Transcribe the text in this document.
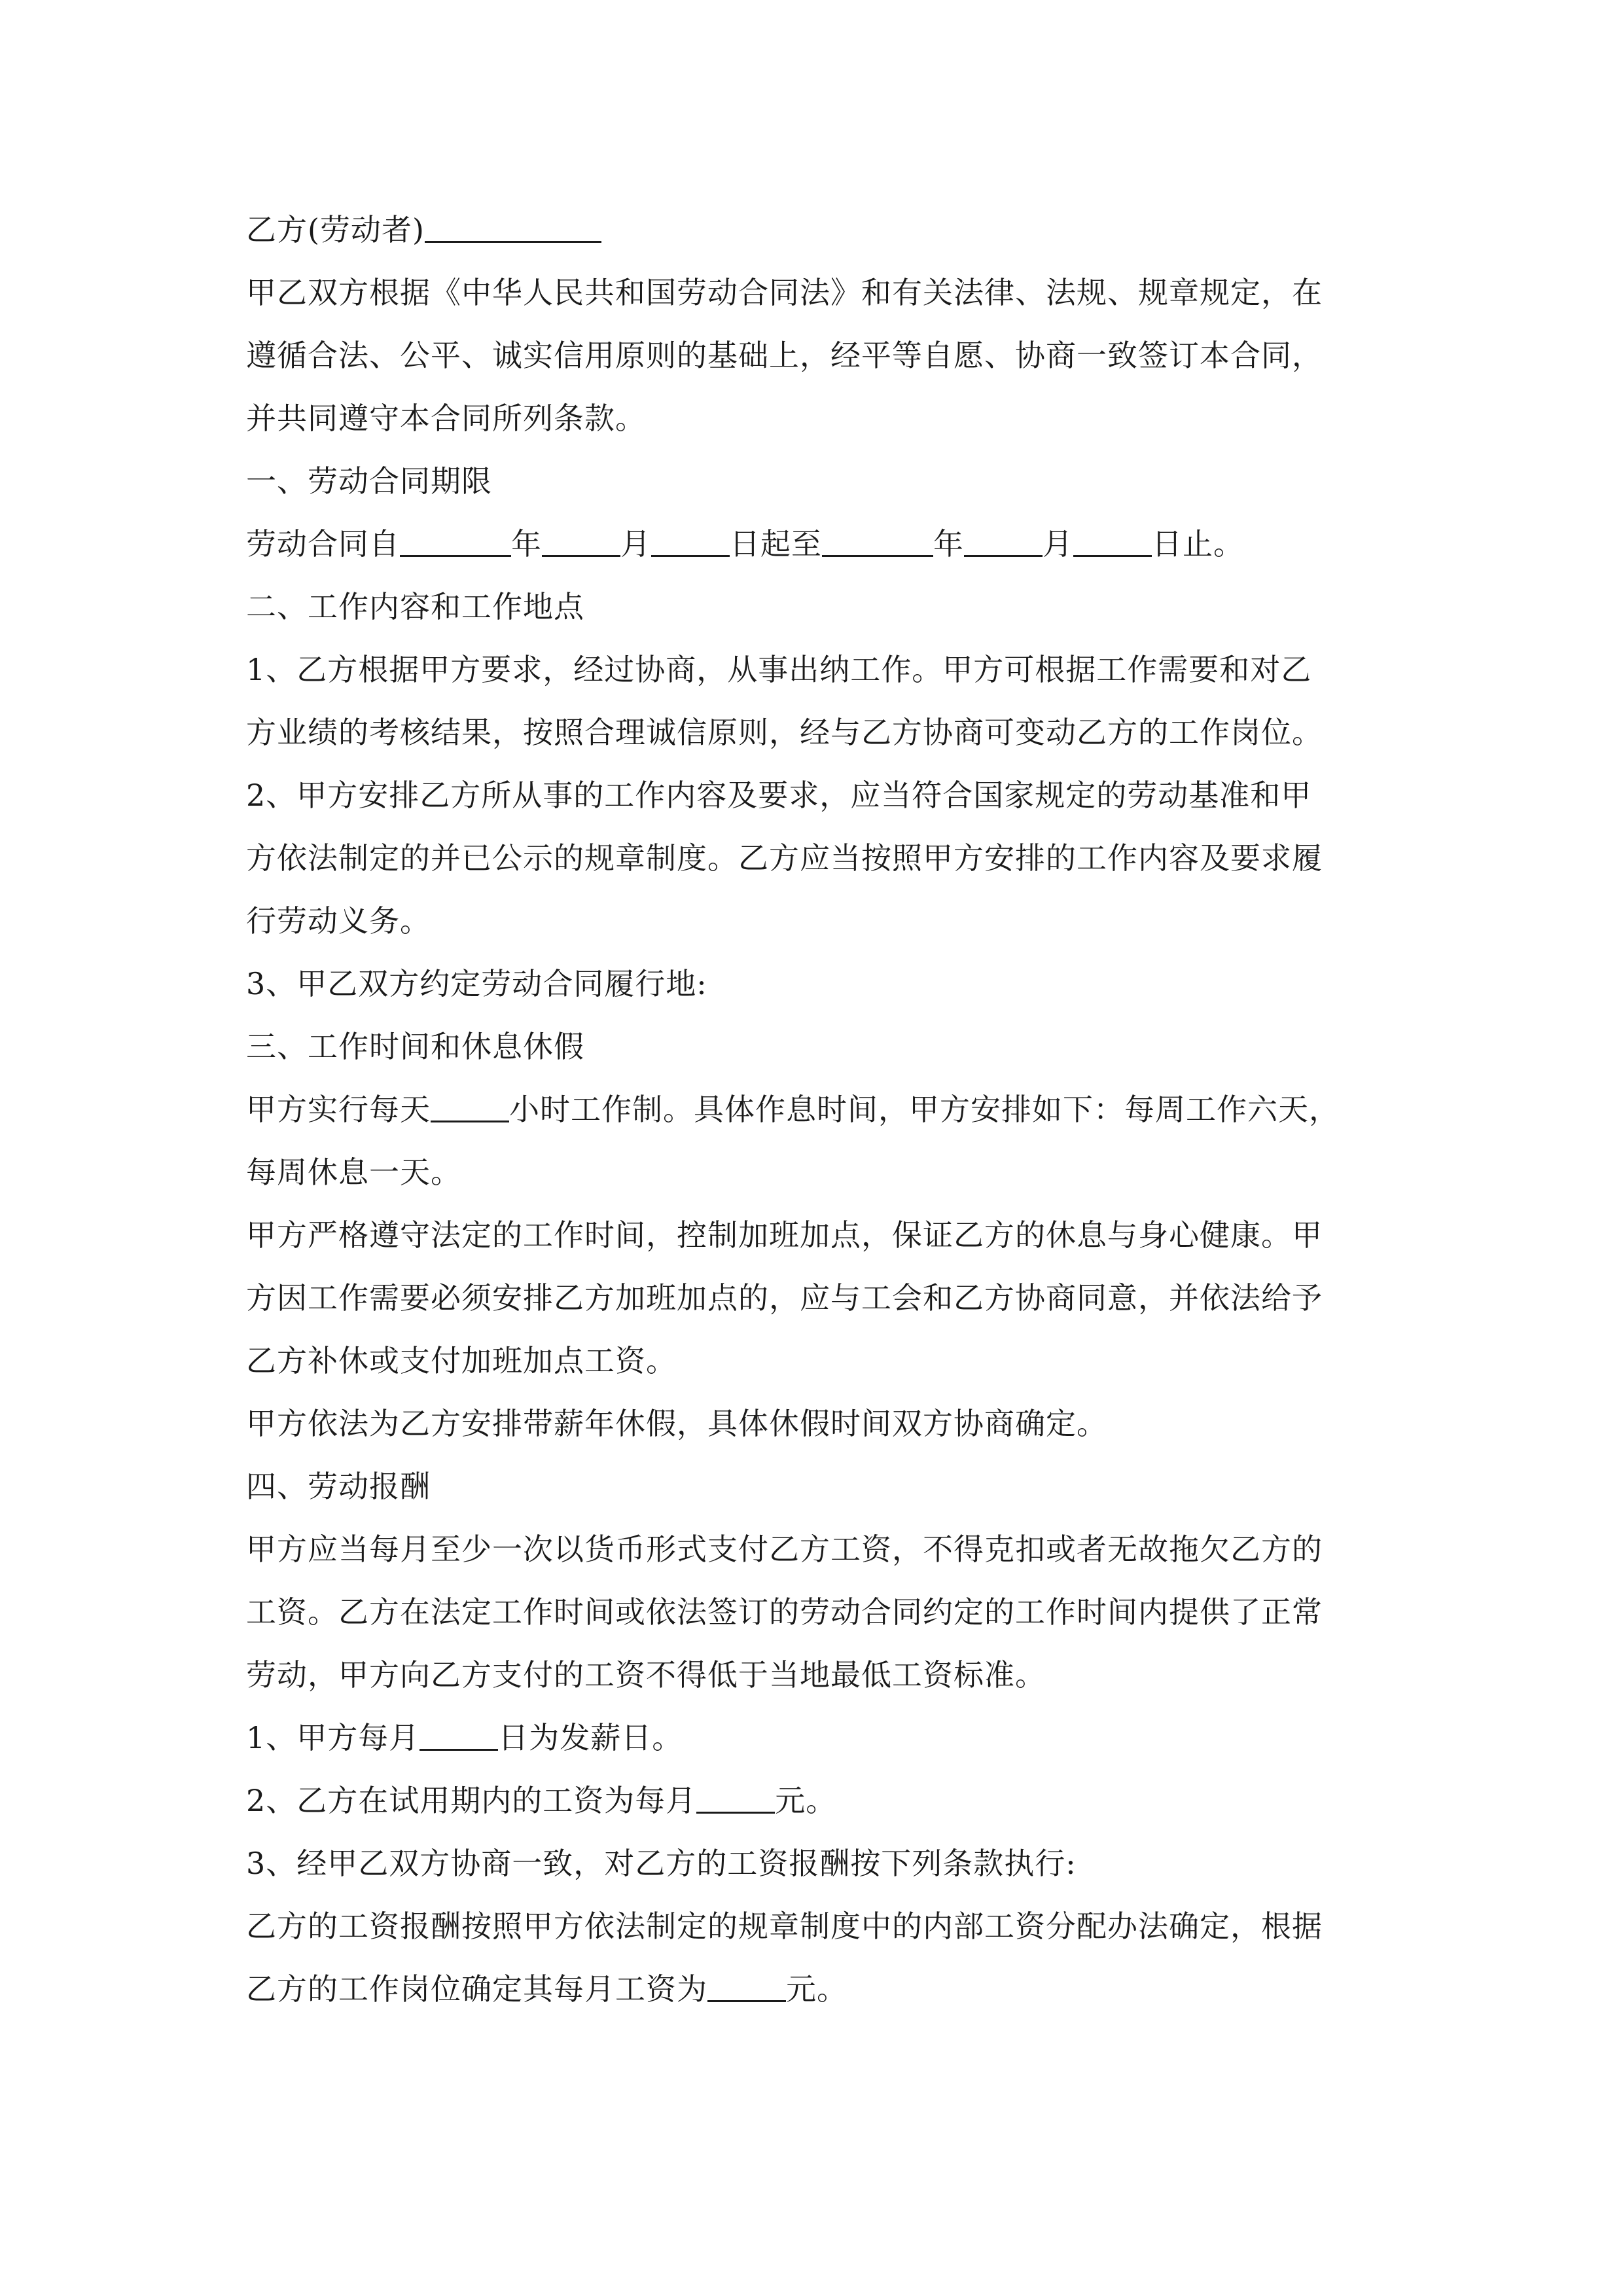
乙方(劳动者)
甲乙双方根据《中华人民共和国劳动合同法》和有关法律、法规、规章规定，在
遵循合法、公平、诚实信用原则的基础上，经平等自愿、协商一致签订本合同，
并共同遵守本合同所列条款。
一、劳动合同期限
劳动合同自	年	月	日起至	年	月	日止。
二、工作内容和工作地点
1、乙方根据甲方要求，经过协商，从事出纳工作。甲方可根据工作需要和对乙
方业绩的考核结果，按照合理诚信原则，经与乙方协商可变动乙方的工作岗位。
2、甲方安排乙方所从事的工作内容及要求，应当符合国家规定的劳动基准和甲
方依法制定的并已公示的规章制度。乙方应当按照甲方安排的工作内容及要求履
行劳动义务。
3、甲乙双方约定劳动合同履行地:
三、工作时间和休息休假
甲方实行每天	小时工作制。具体作息时间，甲方安排如下：每周工作六天，
每周休息一天。
甲方严格遵守法定的工作时间，控制加班加点，保证乙方的休息与身心健康。甲
方因工作需要必须安排乙方加班加点的，应与工会和乙方协商同意，并依法给予
乙方补休或支付加班加点工资。
甲方依法为乙方安排带薪年休假，具体休假时间双方协商确定。
四、劳动报酬
甲方应当每月至少一次以货币形式支付乙方工资，不得克扣或者无故拖欠乙方的
工资。乙方在法定工作时间或依法签订的劳动合同约定的工作时间内提供了正常
劳动，甲方向乙方支付的工资不得低于当地最低工资标准。
1、甲方每月	日为发薪日。
2、乙方在试用期内的工资为每月	元。
3、经甲乙双方协商一致，对乙方的工资报酬按下列条款执行:
乙方的工资报酬按照甲方依法制定的规章制度中的内部工资分配办法确定，根据
乙方的工作岗位确定其每月工资为	元。
